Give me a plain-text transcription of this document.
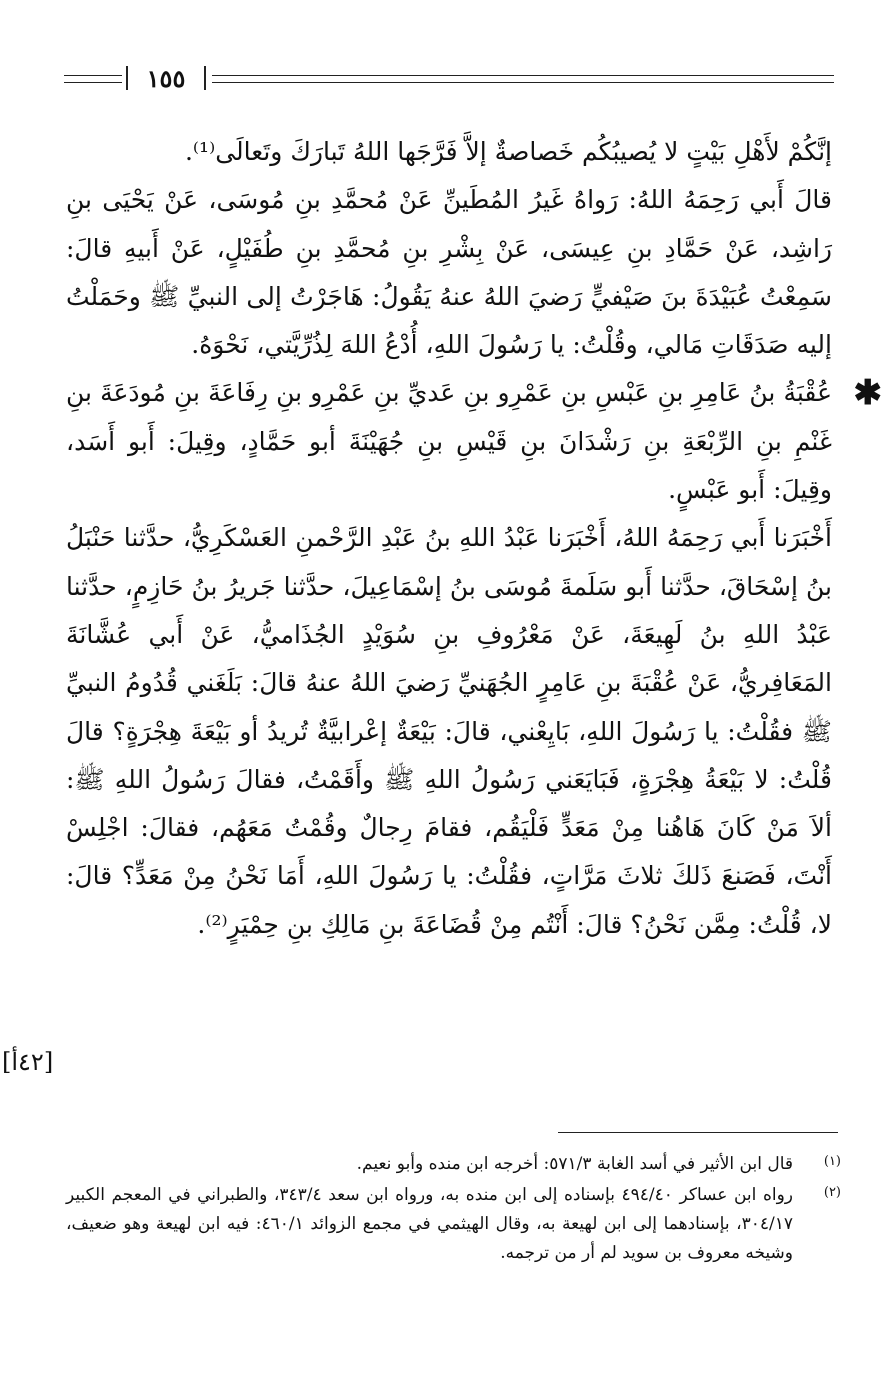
١٥٥

إنَّكُمْ لأَهْلِ بَيْتٍ لا يُصيبُكُم خَصاصةٌ إلاَّ فَرَّجَها اللهُ تَبارَكَ وتَعالَى⁽¹⁾.

قالَ أَبي رَحِمَهُ اللهُ: رَواهُ غَيرُ المُطَينِّ عَنْ مُحمَّدِ بنِ مُوسَى، عَنْ يَحْيَى بنِ رَاشِد، عَنْ حَمَّادِ بنِ عِيسَى، عَنْ بِشْرِ بنِ مُحمَّدِ بنِ طُفَيْلٍ، عَنْ أَبيهِ قالَ: سَمِعْتُ عُبَيْدَةَ بنَ صَيْفيٍّ رَضيَ اللهُ عنهُ يَقُولُ: هَاجَرْتُ إلى النبيِّ ﷺ وحَمَلْتُ إليه صَدَقَاتِ مَالي، وقُلْتُ: يا رَسُولَ اللهِ، أُدْعُ اللهَ لِذُرِّيَّتي، نَحْوَهُ.

✱
عُقْبَةُ بنُ عَامِرِ بنِ عَبْسِ بنِ عَمْرِو بنِ عَديِّ بنِ عَمْرِو بنِ رِفَاعَةَ بنِ مُودَعَةَ بنِ غَنْمِ بنِ الرِّبْعَةِ بنِ رَشْدَانَ بنِ قَيْسِ بنِ جُهَيْنَةَ أبو حَمَّادٍ، وقِيلَ: أَبو أَسَد، وقِيلَ: أَبو عَبْسٍ.

أَخْبَرَنا أَبي رَحِمَهُ اللهُ، أَخْبَرَنا عَبْدُ اللهِ بنُ عَبْدِ الرَّحْمنِ العَسْكَرِيُّ، حدَّثنا حَنْبَلُ بنُ إسْحَاقَ، حدَّثنا أَبو سَلَمةَ مُوسَى بنُ إسْمَاعِيلَ، حدَّثنا جَريرُ بنُ حَازِمٍ، حدَّثنا عَبْدُ اللهِ بنُ لَهِيعَةَ، عَنْ مَعْرُوفِ بنِ سُوَيْدٍ الجُذَاميُّ، عَنْ أَبي عُشَّانَةَ المَعَافِريُّ، عَنْ عُقْبَةَ بنِ عَامِرٍ الجُهَنيِّ رَضيَ اللهُ عنهُ قالَ: بَلَغَني قُدُومُ النبيِّ ﷺ فقُلْتُ: يا رَسُولَ اللهِ، بَايِعْني، قالَ: بَيْعَةٌ إعْرابيَّةٌ تُريدُ أو بَيْعَةَ هِجْرَةٍ؟ قالَ قُلْتُ: لا بَيْعَةُ هِجْرَةٍ، فَبَايَعَني رَسُولُ اللهِ ﷺ وأَقَمْتُ، فقالَ رَسُولُ اللهِ ﷺ: ألاَ مَنْ كَانَ هَاهُنا مِنْ مَعَدٍّ فَلْيَقُم، فقامَ رِجالٌ وقُمْتُ مَعَهُم، فقالَ: اجْلِسْ أَنْتَ، فَصَنعَ ذَلكَ ثلاثَ مَرَّاتٍ، فقُلْتُ: يا رَسُولَ اللهِ، أَمَا نَحْنُ مِنْ مَعَدٍّ؟ قالَ: لا، قُلْتُ: مِمَّن نَحْنُ؟ قالَ: أَنْتُم مِنْ قُضَاعَةَ بنِ مَالِكِ بنِ حِمْيَرٍ⁽²⁾.

[٤٢أ]

(١)
قال ابن الأثير في أسد الغابة ٥٧١/٣: أخرجه ابن منده وأبو نعيم.

(٢)
رواه ابن عساكر ٤٩٤/٤٠ بإسناده إلى ابن منده به، ورواه ابن سعد ٣٤٣/٤، والطبراني في المعجم الكبير ٣٠٤/١٧، بإسنادهما إلى ابن لهيعة به، وقال الهيثمي في مجمع الزوائد ٤٦٠/١: فيه ابن لهيعة وهو ضعيف، وشيخه معروف بن سويد لم أر من ترجمه.
